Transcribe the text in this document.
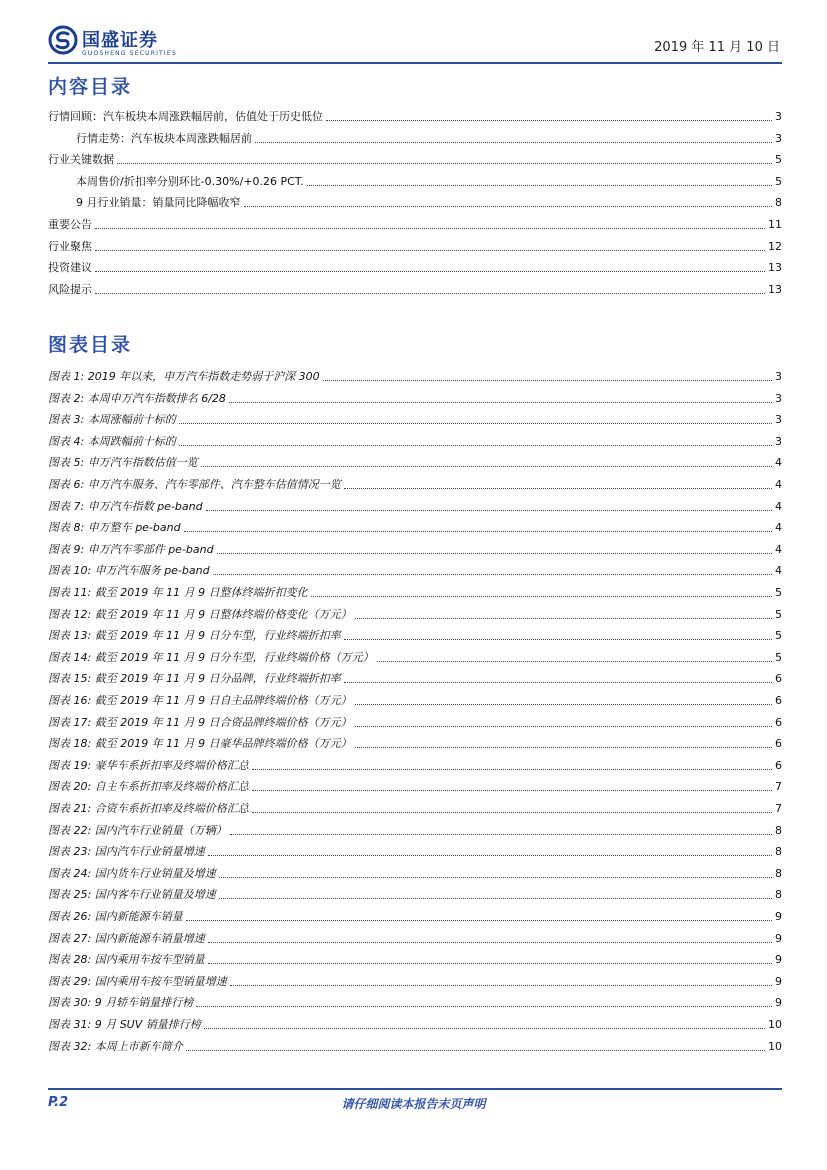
国盛证券
GUOSHENG SECURITIES	2019 年 11 月 10 日
内容目录
行情回顾：汽车板块本周涨跌幅居前，估值处于历史低位	3
行情走势：汽车板块本周涨跌幅居前	3
行业关键数据	5
本周售价/折扣率分别环比-0.30%/+0.26 PCT.	5
9 月行业销量：销量同比降幅收窄	8
重要公告	11
行业聚焦	12
投资建议	13
风险提示	13
图表目录
图表 1: 2019 年以来，申万汽车指数走势弱于沪深 300	3
图表 2: 本周申万汽车指数排名 6/28	3
图表 3: 本周涨幅前十标的	3
图表 4: 本周跌幅前十标的	3
图表 5: 申万汽车指数估值一览	4
图表 6: 申万汽车服务、汽车零部件、汽车整车估值情况一览	4
图表 7: 申万汽车指数 pe-band	4
图表 8: 申万整车 pe-band	4
图表 9: 申万汽车零部件 pe-band	4
图表 10: 申万汽车服务 pe-band	4
图表 11: 截至 2019 年 11 月 9 日整体终端折扣变化	5
图表 12: 截至 2019 年 11 月 9 日整体终端价格变化（万元）	5
图表 13: 截至 2019 年 11 月 9 日分车型，行业终端折扣率	5
图表 14: 截至 2019 年 11 月 9 日分车型，行业终端价格（万元）	5
图表 15: 截至 2019 年 11 月 9 日分品牌，行业终端折扣率	6
图表 16: 截至 2019 年 11 月 9 日自主品牌终端价格（万元）	6
图表 17: 截至 2019 年 11 月 9 日合资品牌终端价格（万元）	6
图表 18: 截至 2019 年 11 月 9 日豪华品牌终端价格（万元）	6
图表 19: 豪华车系折扣率及终端价格汇总	6
图表 20: 自主车系折扣率及终端价格汇总	7
图表 21: 合资车系折扣率及终端价格汇总	7
图表 22: 国内汽车行业销量（万辆）	8
图表 23: 国内汽车行业销量增速	8
图表 24: 国内货车行业销量及增速	8
图表 25: 国内客车行业销量及增速	8
图表 26: 国内新能源车销量	9
图表 27: 国内新能源车销量增速	9
图表 28: 国内乘用车按车型销量	9
图表 29: 国内乘用车按车型销量增速	9
图表 30: 9 月轿车销量排行榜	9
图表 31: 9 月 SUV 销量排行榜	10
图表 32: 本周上市新车简介	10
请仔细阅读本报告末页声明
P.2
